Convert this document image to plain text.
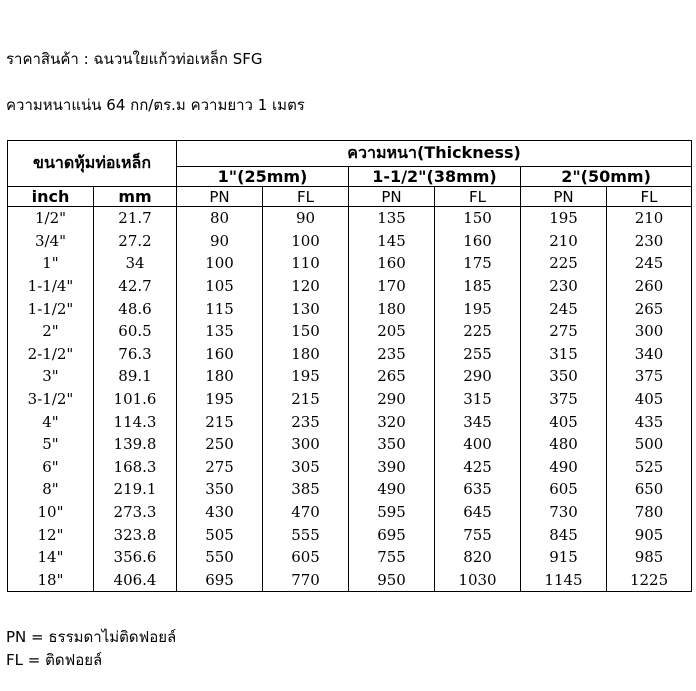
ราคาสินค้า : ฉนวนใยแก้วท่อเหล็ก SFG
ความหนาแน่น 64 กก/ตร.ม ความยาว 1 เมตร
ขนาดหุ้มท่อเหล็ก		ความหนา(Thickness)					
		1"(25mm)		1-1/2"(38mm)		2"(50mm)	
inch	mm	PN	FL	PN	FL	PN	FL
1/2"	21.7	80	90	135	150	195	210
3/4"	27.2	90	100	145	160	210	230
1"	34	100	110	160	175	225	245
1-1/4"	42.7	105	120	170	185	230	260
1-1/2"	48.6	115	130	180	195	245	265
2"	60.5	135	150	205	225	275	300
2-1/2"	76.3	160	180	235	255	315	340
3"	89.1	180	195	265	290	350	375
3-1/2"	101.6	195	215	290	315	375	405
4"	114.3	215	235	320	345	405	435
5"	139.8	250	300	350	400	480	500
6"	168.3	275	305	390	425	490	525
8"	219.1	350	385	490	635	605	650
10"	273.3	430	470	595	645	730	780
12"	323.8	505	555	695	755	845	905
14"	356.6	550	605	755	820	915	985
18"	406.4	695	770	950	1030	1145	1225
PN = ธรรมดาไม่ติดฟอยล์
FL = ติดฟอยล์
